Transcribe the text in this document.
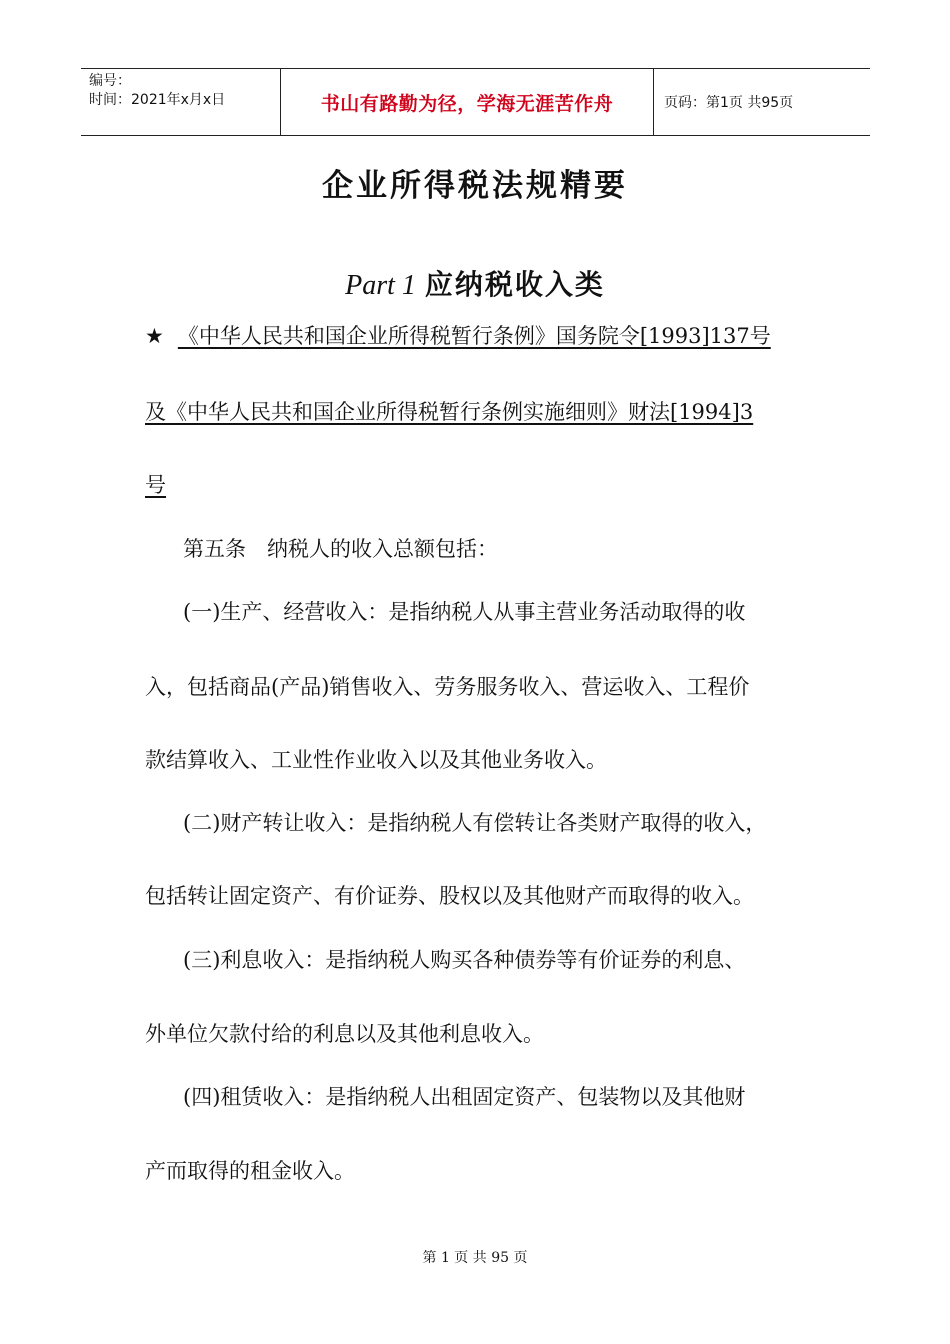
编号：
时间：2021年x月x日	书山有路勤为径，学海无涯苦作舟	页码：第1页 共95页
企业所得税法规精要
Part 1 应纳税收入类
★ 《中华人民共和国企业所得税暂行条例》国务院令[1993]137号
及《中华人民共和国企业所得税暂行条例实施细则》财法[1994]3
号
第五条　纳税人的收入总额包括：
(一)生产、经营收入：是指纳税人从事主营业务活动取得的收
入，包括商品(产品)销售收入、劳务服务收入、营运收入、工程价
款结算收入、工业性作业收入以及其他业务收入。
(二)财产转让收入：是指纳税人有偿转让各类财产取得的收入，
包括转让固定资产、有价证券、股权以及其他财产而取得的收入。
(三)利息收入：是指纳税人购买各种债券等有价证券的利息、
外单位欠款付给的利息以及其他利息收入。
(四)租赁收入：是指纳税人出租固定资产、包装物以及其他财
产而取得的租金收入。
第 1 页 共 95 页
